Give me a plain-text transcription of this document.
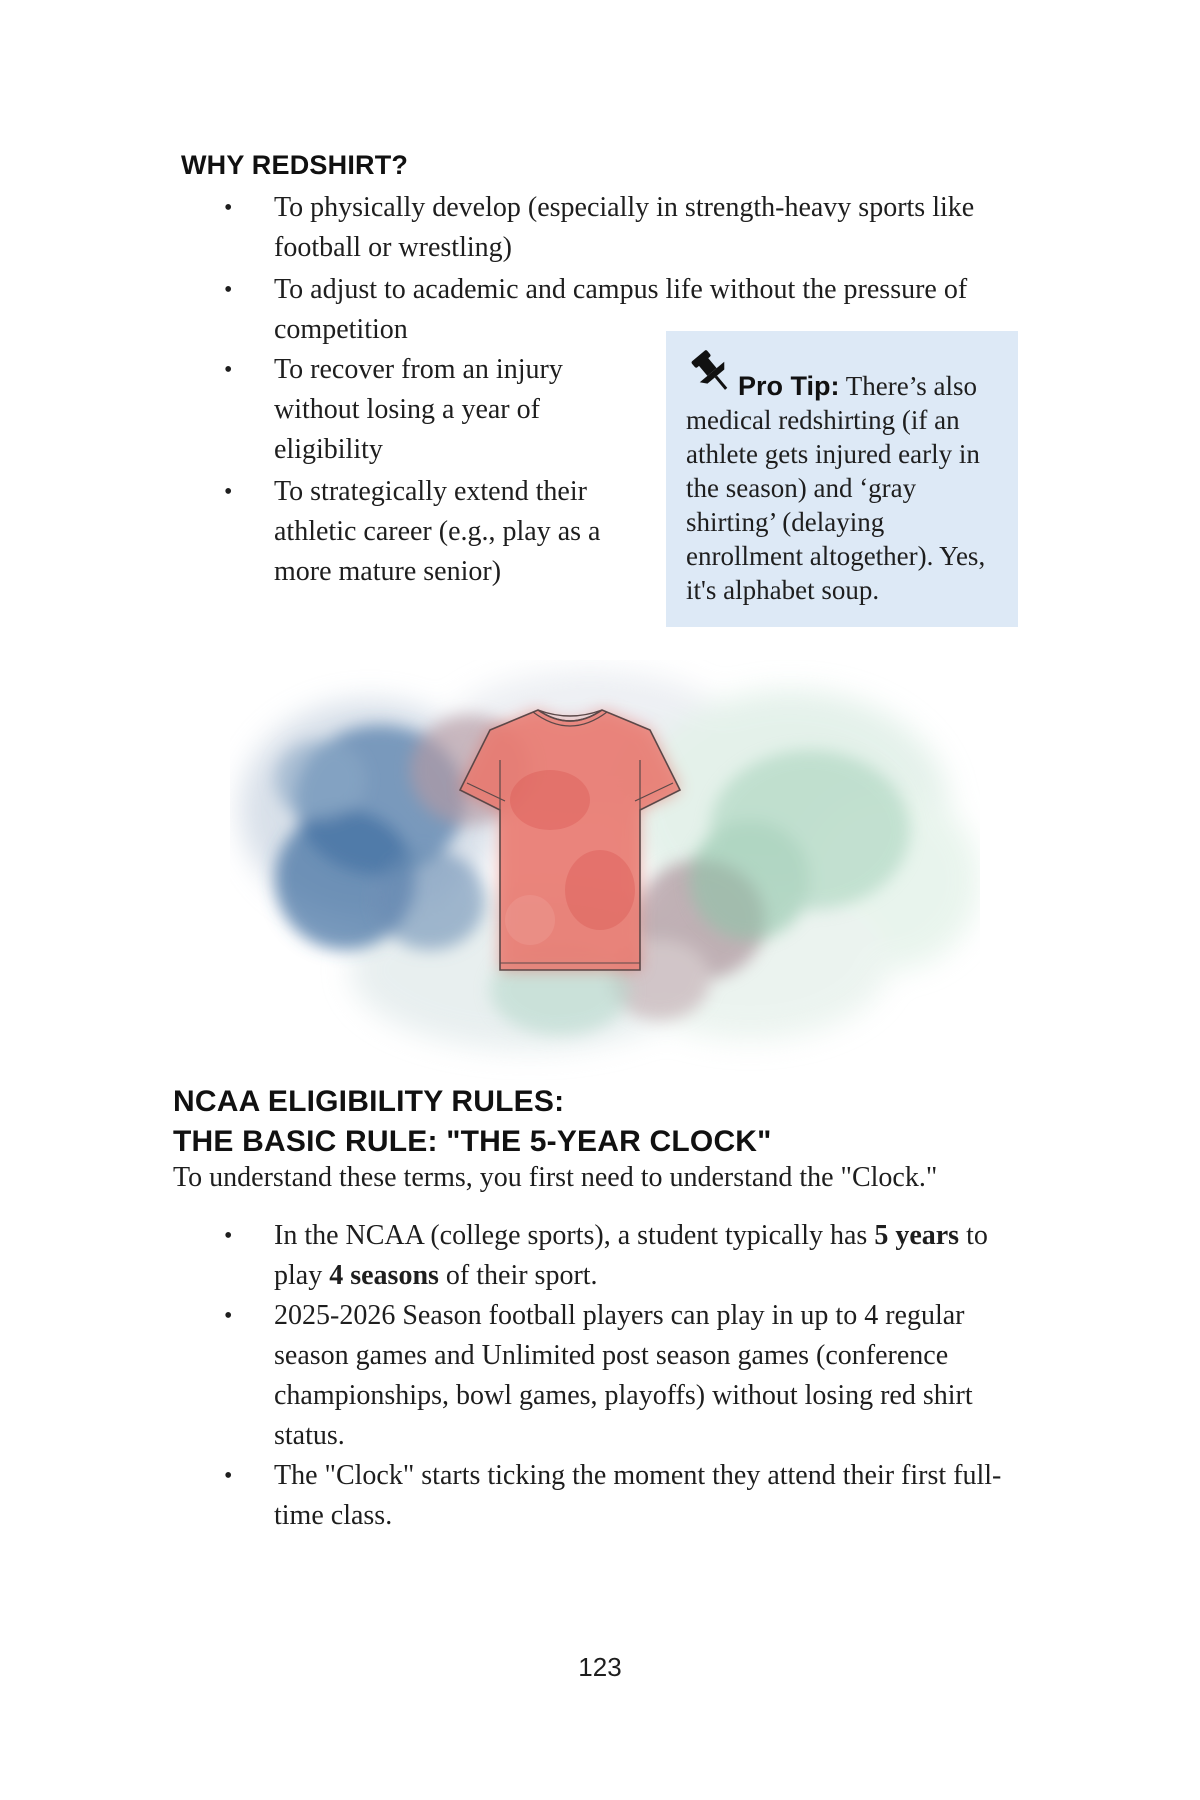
WHY REDSHIRT?
• To physically develop (especially in strength-heavy sports like football or wrestling)
• To adjust to academic and campus life without the pressure of competition
• To recover from an injury without losing a year of eligibility
• To strategically extend their athletic career (e.g., play as a more mature senior)
Pro Tip: There’s also medical redshirting (if an athlete gets injured early in the season) and ‘gray shirting’ (delaying enrollment altogether). Yes, it's alphabet soup.
NCAA ELIGIBILITY RULES:
THE BASIC RULE: "THE 5-YEAR CLOCK"
To understand these terms, you first need to understand the "Clock."
• In the NCAA (college sports), a student typically has 5 years to play 4 seasons of their sport.
• 2025-2026 Season football players can play in up to 4 regular season games and Unlimited post season games (conference championships, bowl games, playoffs) without losing red shirt status.
• The "Clock" starts ticking the moment they attend their first full-time class.
123
